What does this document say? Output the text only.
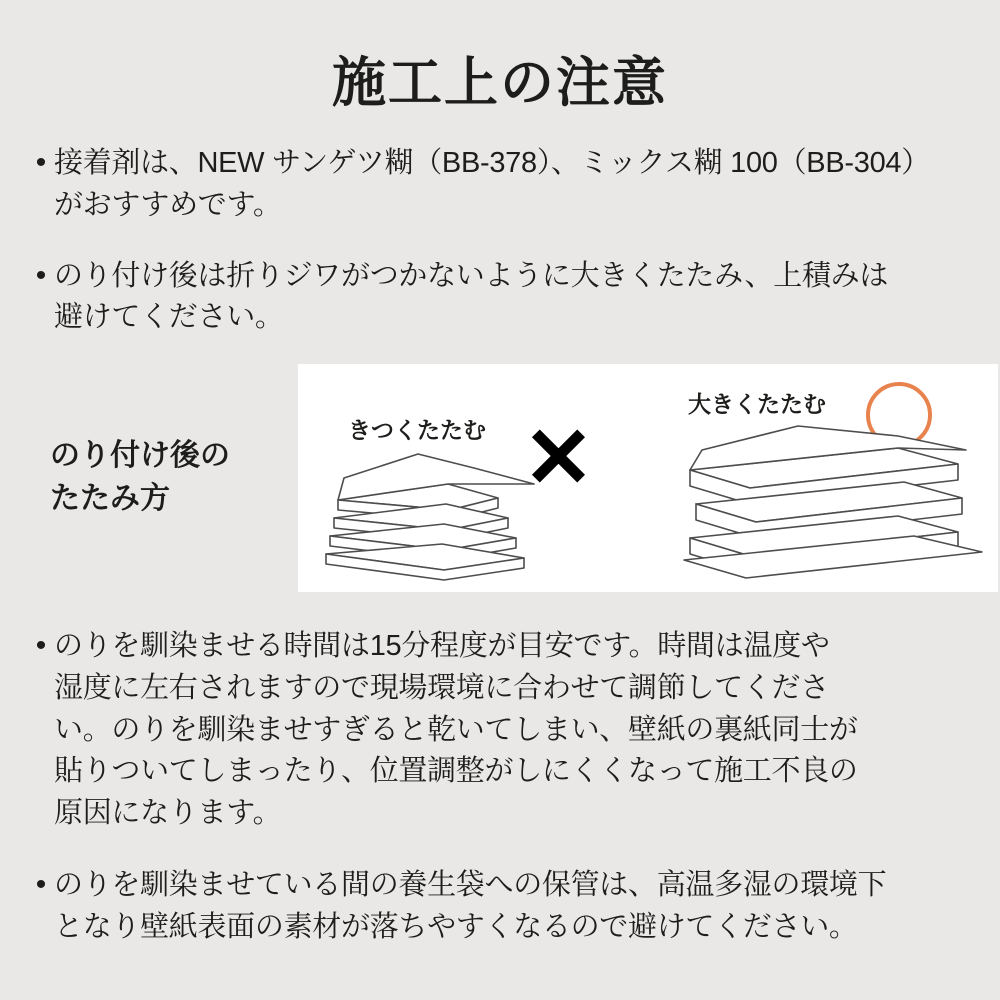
施工上の注意
• 接着剤は、NEW サンゲツ糊（BB-378）、ミックス糊 100（BB-304）
がおすすめです。
• のり付け後は折りジワがつかないように大きくたたみ、上積みは
避けてください。
のり付け後の
たたみ方
きつくたたむ
大きくたたむ
• のりを馴染ませる時間は15分程度が目安です。時間は温度や
湿度に左右されますので現場環境に合わせて調節してくださ
い。のりを馴染ませすぎると乾いてしまい、壁紙の裏紙同士が
貼りついてしまったり、位置調整がしにくくなって施工不良の
原因になります。
• のりを馴染ませている間の養生袋への保管は、高温多湿の環境下
となり壁紙表面の素材が落ちやすくなるので避けてください。
